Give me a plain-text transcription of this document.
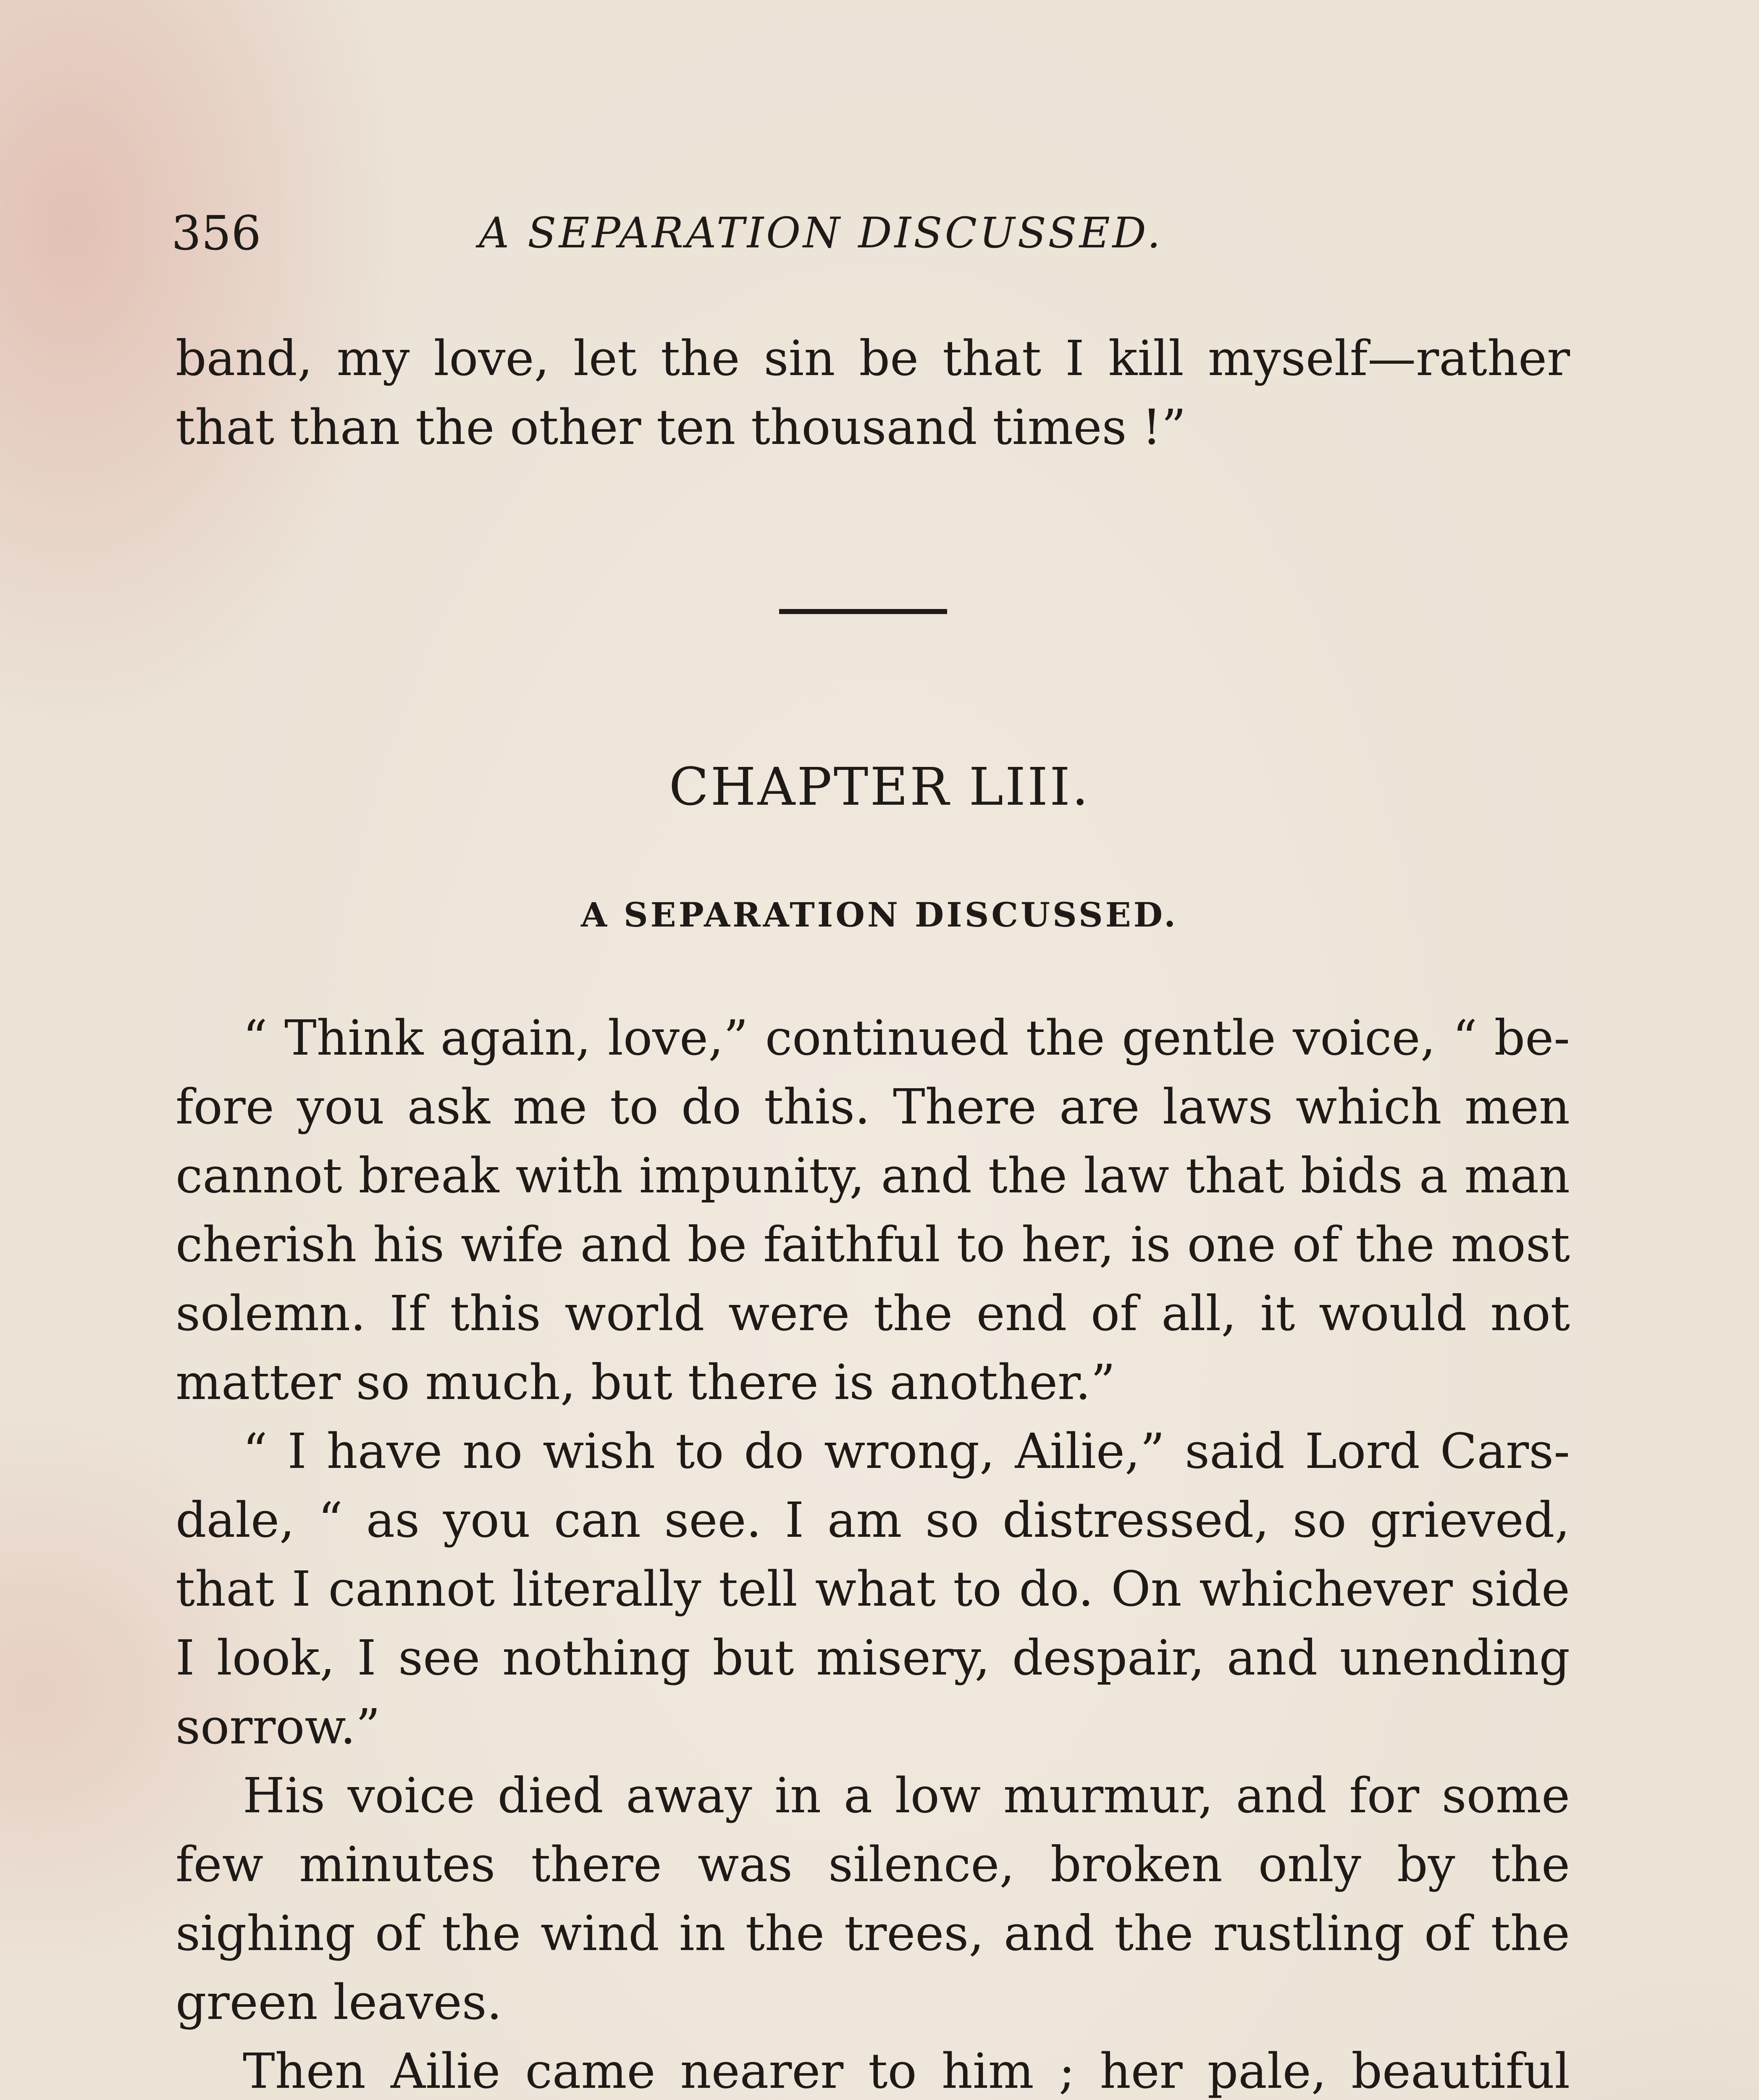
356	A SEPARATION DISCUSSED.

band, my love, let the sin be that I kill myself—rather that than the other ten thousand times !”

CHAPTER LIII.
A SEPARATION DISCUSSED.

“ Think again, love,” continued the gentle voice, “ be-fore you ask me to do this. There are laws which men cannot break with impunity, and the law that bids a man cherish his wife and be faithful to her, is one of the most solemn. If this world were the end of all, it would not matter so much, but there is another.”

“ I have no wish to do wrong, Ailie,” said Lord Cars-dale, “ as you can see. I am so distressed, so grieved, that I cannot literally tell what to do. On whichever side I look, I see nothing but misery, despair, and unending sorrow.”

His voice died away in a low murmur, and for some few minutes there was silence, broken only by the sighing of the wind in the trees, and the rustling of the green leaves.

Then Ailie came nearer to him ; her pale, beautiful
